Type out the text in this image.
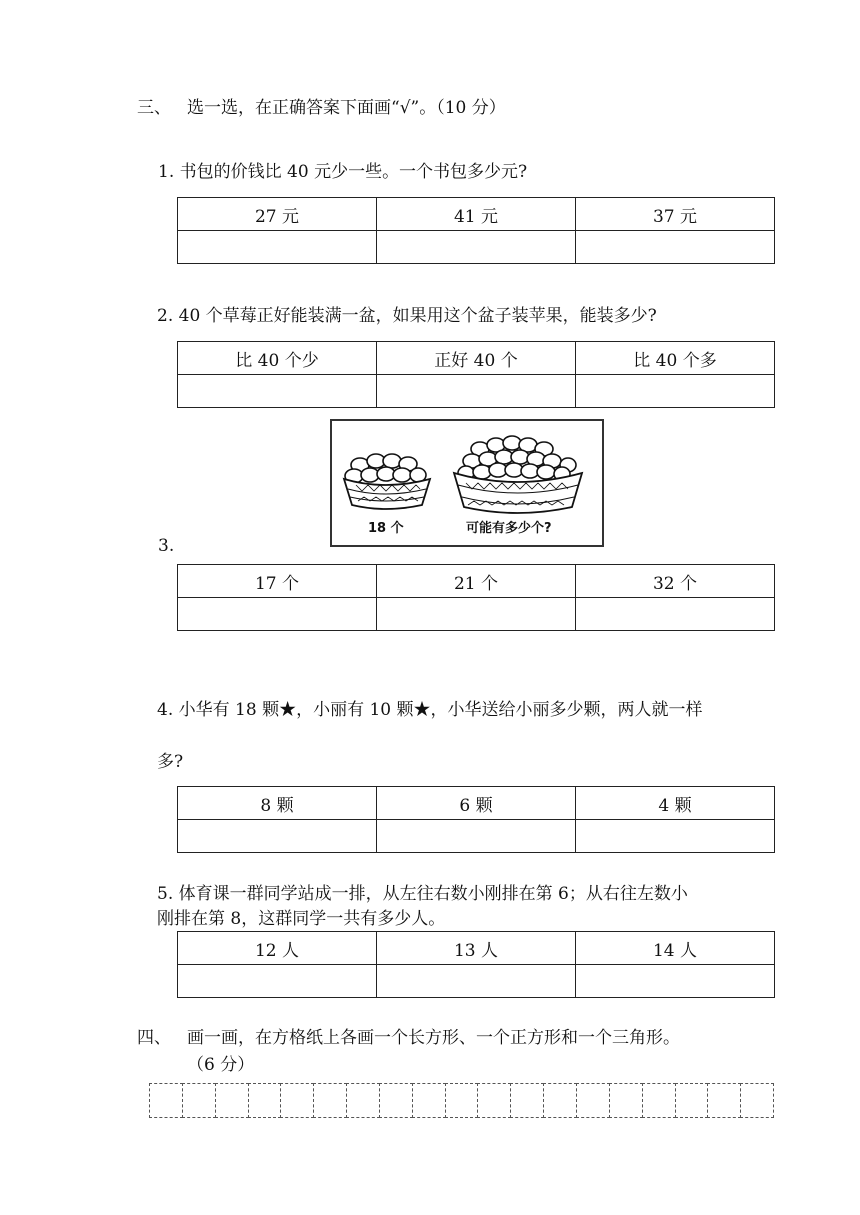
三、 选一选，在正确答案下面画“√”。（10 分）
1. 书包的价钱比 40 元少一些。一个书包多少元?
27 元	41 元	37 元

2. 40 个草莓正好能装满一盆，如果用这个盆子装苹果，能装多少?
比 40 个少	正好 40 个	比 40 个多

18 个	可能有多少个?
3.
17 个	21 个	32 个

4. 小华有 18 颗★，小丽有 10 颗★，小华送给小丽多少颗，两人就一样
多?
8 颗	6 颗	4 颗

5. 体育课一群同学站成一排，从左往右数小刚排在第 6；从右往左数小
刚排在第 8，这群同学一共有多少人。
12 人	13 人	14 人

四、 画一画，在方格纸上各画一个长方形、一个正方形和一个三角形。
（6 分）
